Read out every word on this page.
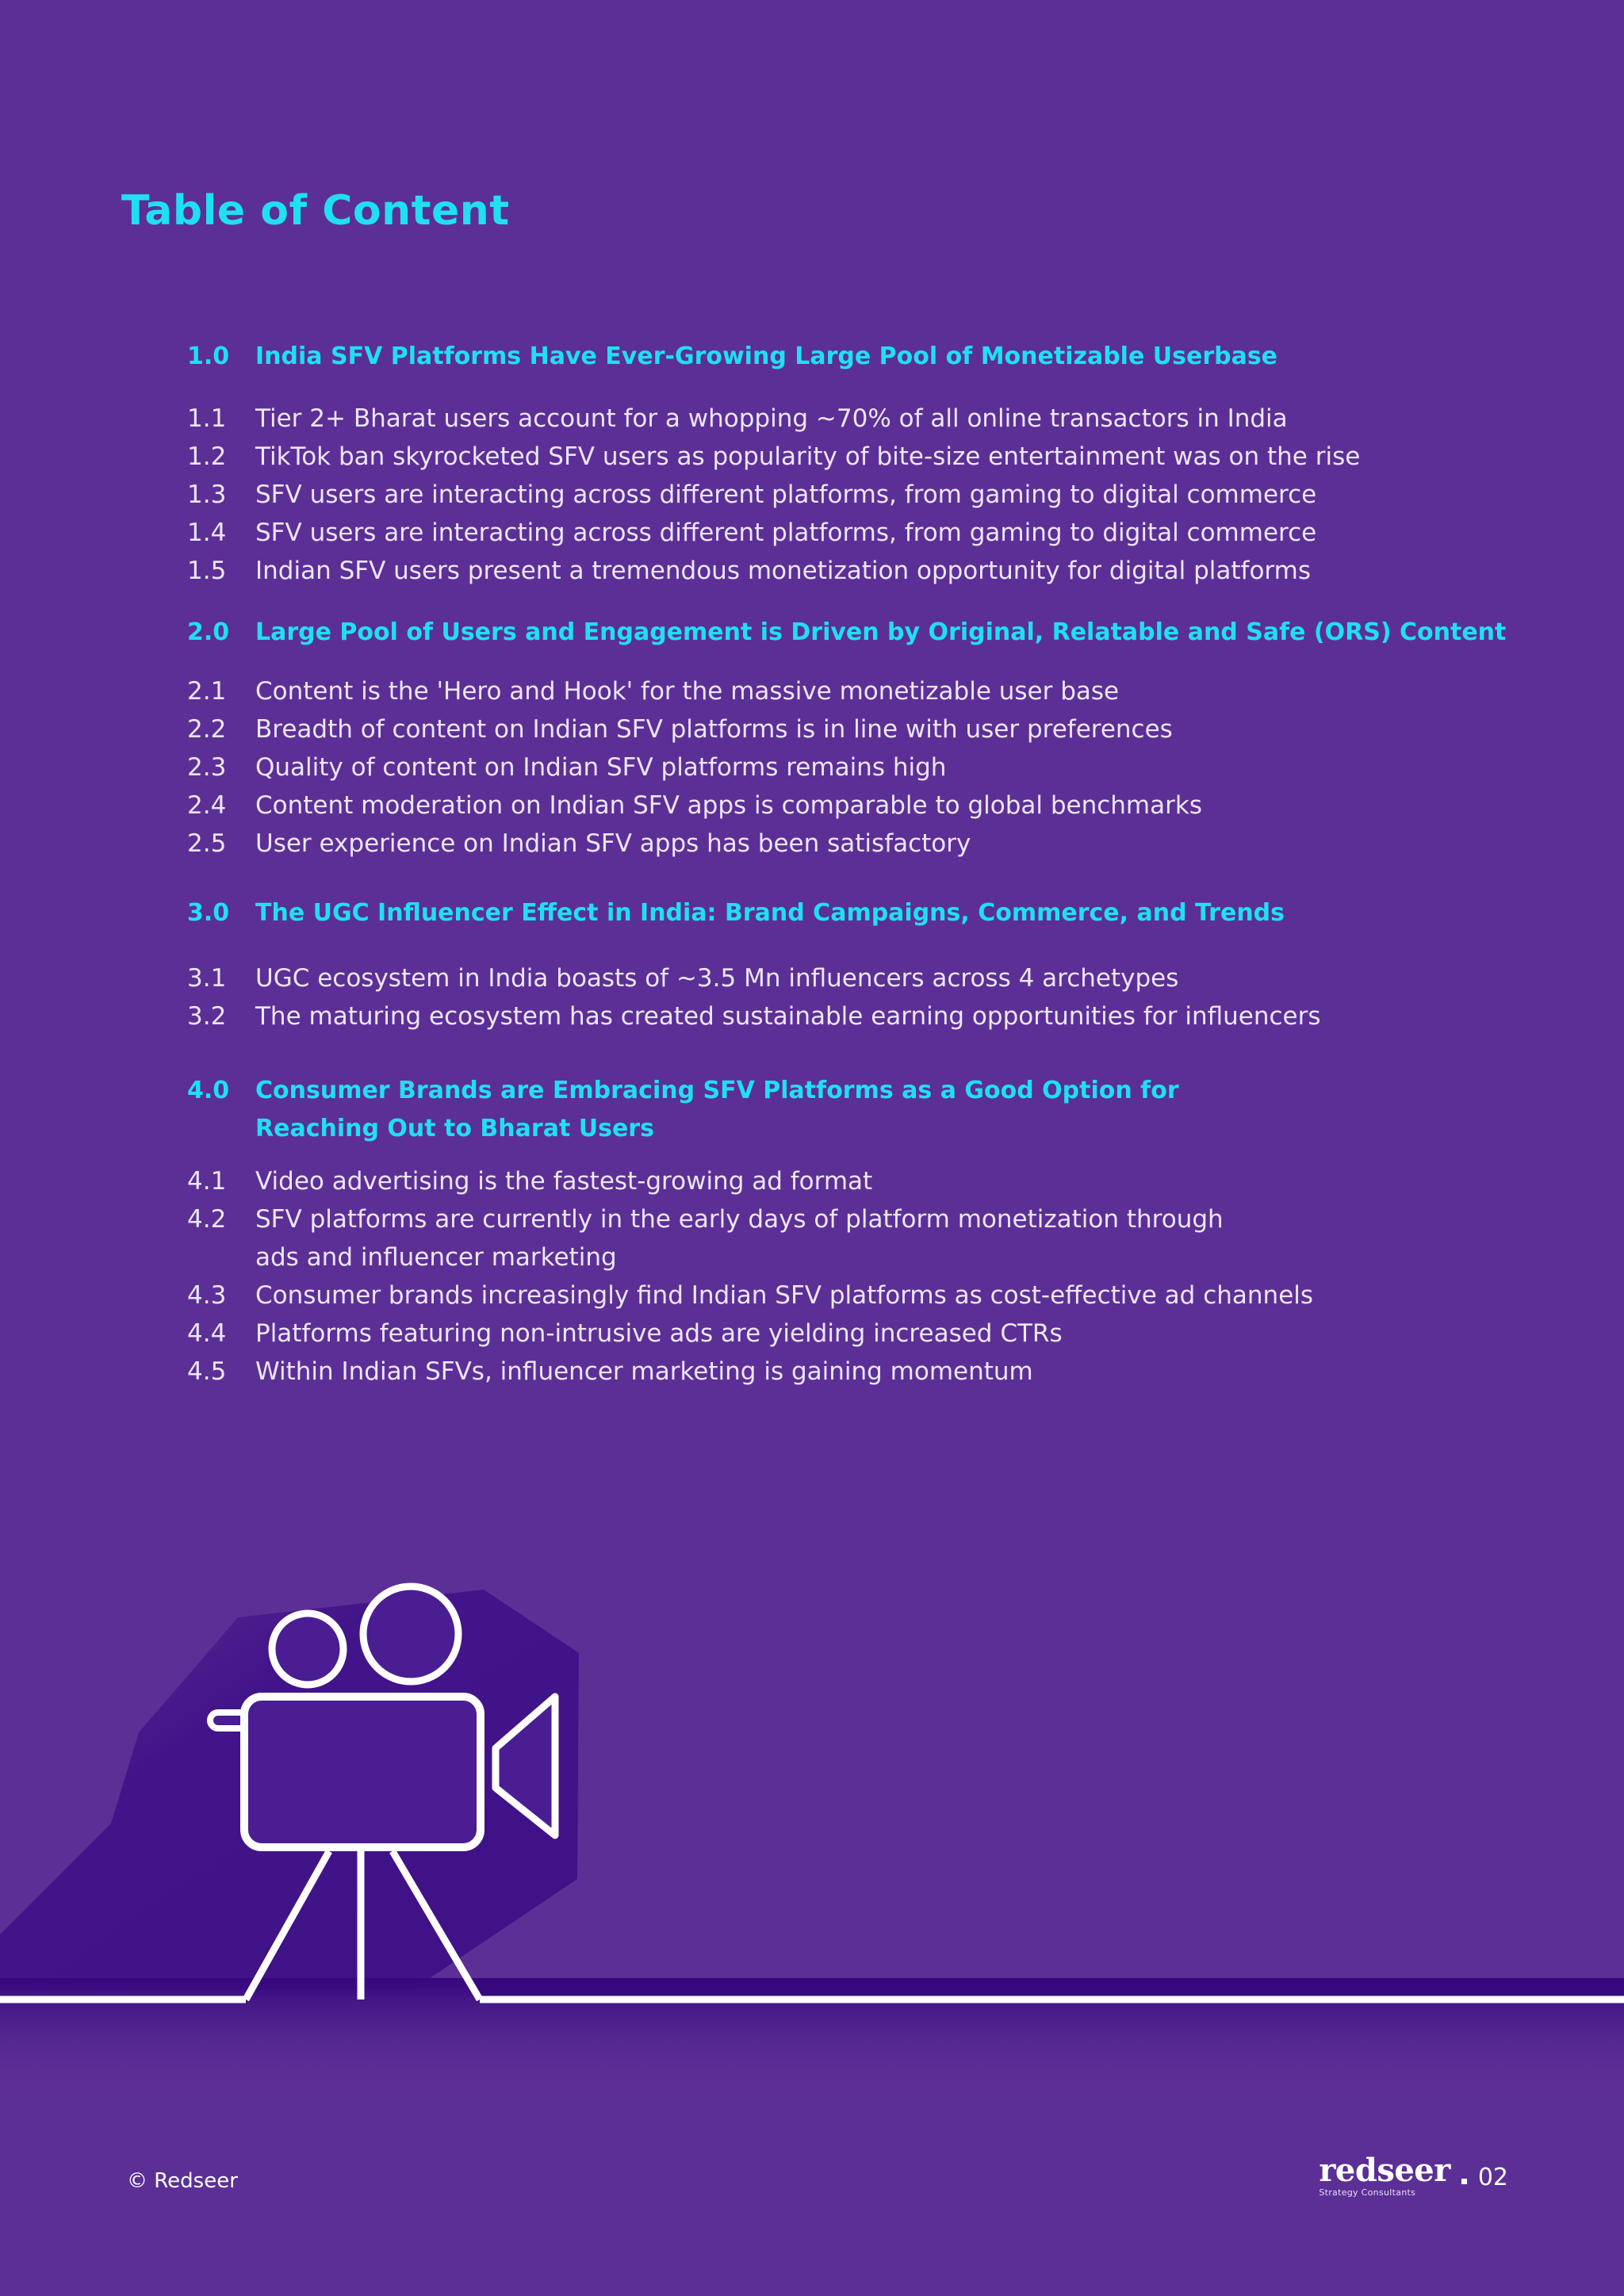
Table of Content
1.0	India SFV Platforms Have Ever-Growing Large Pool of Monetizable Userbase
1.1	Tier 2+ Bharat users account for a whopping ~70% of all online transactors in India
1.2	TikTok ban skyrocketed SFV users as popularity of bite-size entertainment was on the rise
1.3	SFV users are interacting across different platforms, from gaming to digital commerce
1.4	SFV users are interacting across different platforms, from gaming to digital commerce
1.5	Indian SFV users present a tremendous monetization opportunity for digital platforms
2.0	Large Pool of Users and Engagement is Driven by Original, Relatable and Safe (ORS) Content
2.1	Content is the 'Hero and Hook' for the massive monetizable user base
2.2	Breadth of content on Indian SFV platforms is in line with user preferences
2.3	Quality of content on Indian SFV platforms remains high
2.4	Content moderation on Indian SFV apps is comparable to global benchmarks
2.5	User experience on Indian SFV apps has been satisfactory
3.0	The UGC Influencer Effect in India: Brand Campaigns, Commerce, and Trends
3.1	UGC ecosystem in India boasts of ~3.5 Mn influencers across 4 archetypes
3.2	The maturing ecosystem has created sustainable earning opportunities for influencers
4.0	Consumer Brands are Embracing SFV Platforms as a Good Option for
Reaching Out to Bharat Users
4.1	Video advertising is the fastest-growing ad format
4.2	SFV platforms are currently in the early days of platform monetization through
ads and influencer marketing
4.3	Consumer brands increasingly find Indian SFV platforms as cost-effective ad channels
4.4	Platforms featuring non-intrusive ads are yielding increased CTRs
4.5	Within Indian SFVs, influencer marketing is gaining momentum
© Redseer	redseer
Strategy Consultants
02
